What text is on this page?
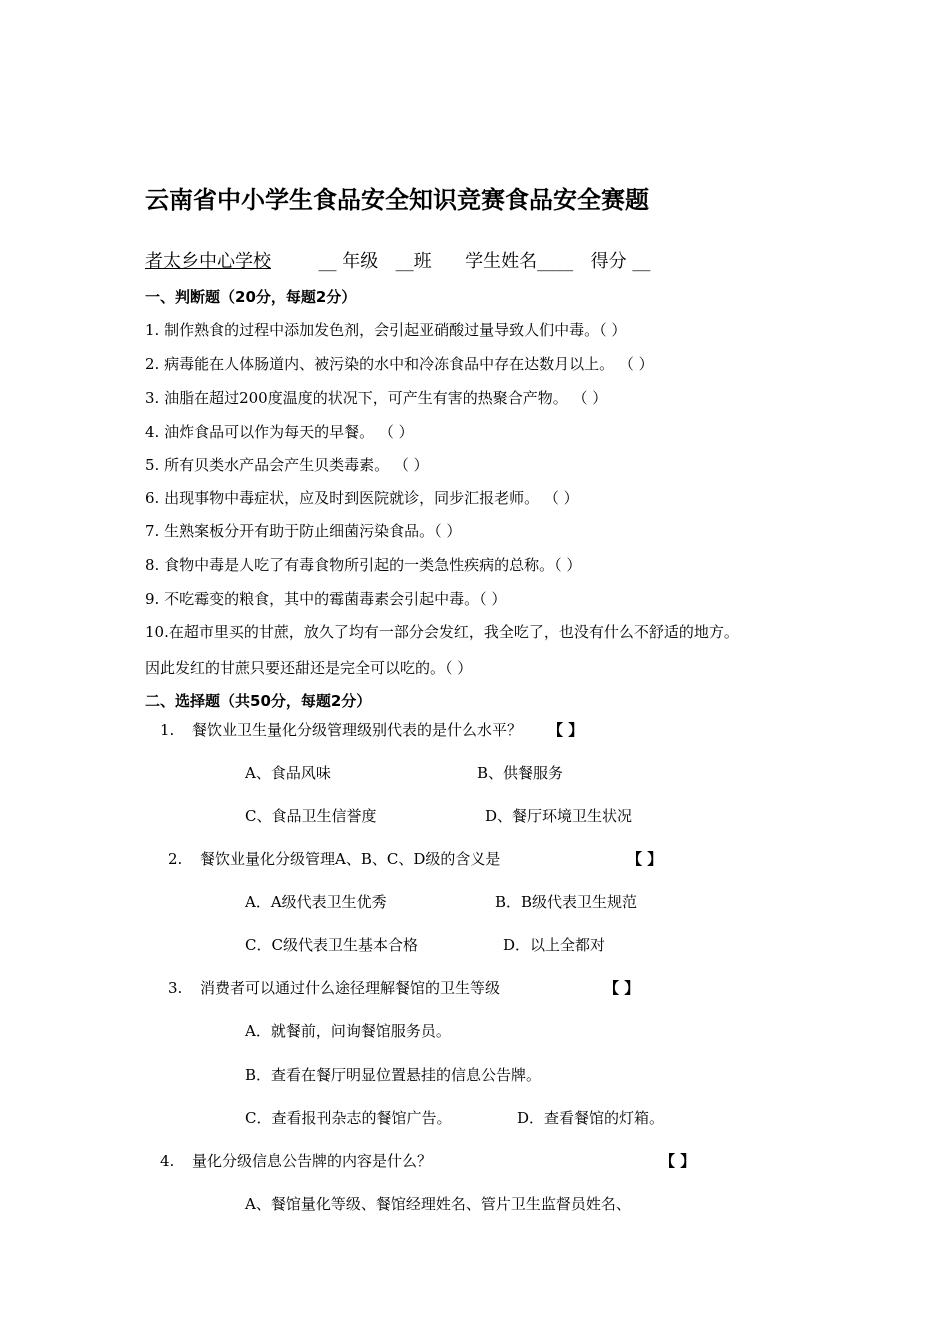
云南省中小学生食品安全知识竞赛食品安全赛题
者太乡中心学校	__ 年级 __班 学生姓名____ 得分 __
一、判断题（20分，每题2分）
1. 制作熟食的过程中添加发色剂，会引起亚硝酸过量导致人们中毒。（ ）
2. 病毒能在人体肠道内、被污染的水中和冷冻食品中存在达数月以上。 （ ）
3. 油脂在超过200度温度的状况下，可产生有害的热聚合产物。 （ ）
4. 油炸食品可以作为每天的早餐。 （ ）
5. 所有贝类水产品会产生贝类毒素。 （ ）
6. 出现事物中毒症状，应及时到医院就诊，同步汇报老师。 （ ）
7. 生熟案板分开有助于防止细菌污染食品。（ ）
8. 食物中毒是人吃了有毒食物所引起的一类急性疾病的总称。（ ）
9. 不吃霉变的粮食，其中的霉菌毒素会引起中毒。（ ）
10.在超市里买的甘蔗，放久了均有一部分会发红，我全吃了，也没有什么不舒适的地方。
因此发红的甘蔗只要还甜还是完全可以吃的。（ ）
二、选择题（共50分，每题2分）
1. 餐饮业卫生量化分级管理级别代表的是什么水平？ 【 】
A、食品风味	B、供餐服务
C、食品卫生信誉度	D、餐厅环境卫生状况
2. 餐饮业量化分级管理A、B、C、D级的含义是	【 】
A．A级代表卫生优秀	B．B级代表卫生规范
C．C级代表卫生基本合格	D．以上全都对
3. 消费者可以通过什么途径理解餐馆的卫生等级	【 】
A．就餐前，问询餐馆服务员。
B．查看在餐厅明显位置悬挂的信息公告牌。
C．查看报刊杂志的餐馆广告。	D．查看餐馆的灯箱。
4. 量化分级信息公告牌的内容是什么？	【 】
A、餐馆量化等级、餐馆经理姓名、管片卫生监督员姓名、
